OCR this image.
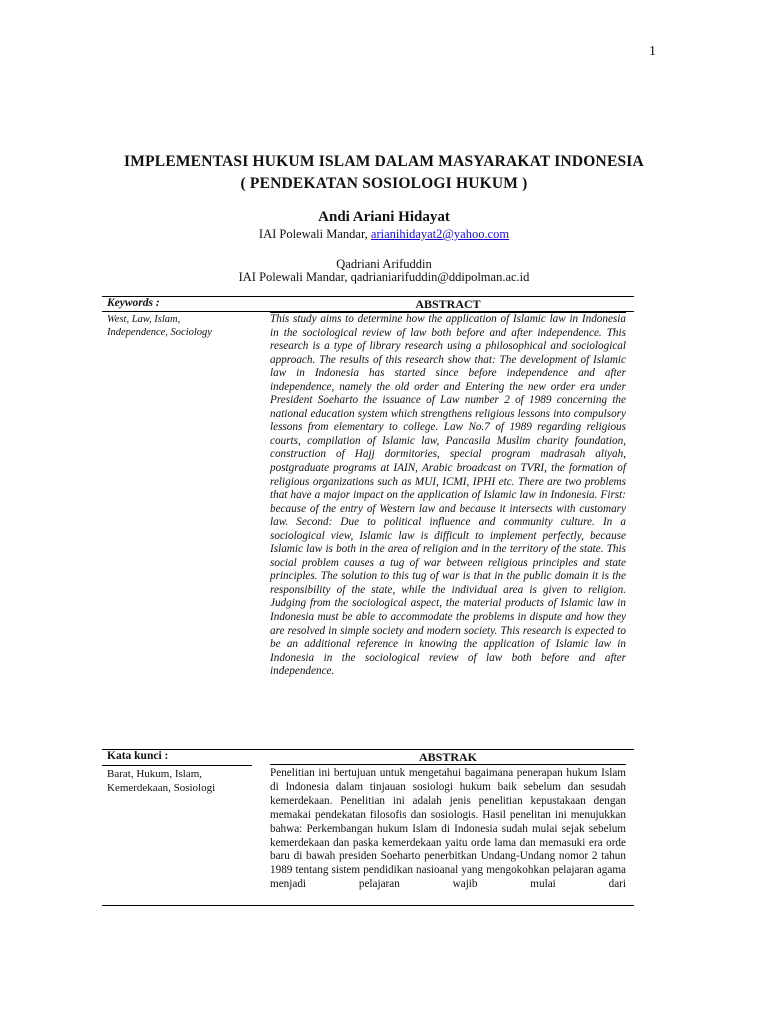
1
IMPLEMENTASI HUKUM ISLAM DALAM MASYARAKAT INDONESIA
( PENDEKATAN SOSIOLOGI HUKUM )
Andi Ariani Hidayat
IAI Polewali Mandar, arianihidayat2@yahoo.com
Qadriani Arifuddin
IAI Polewali Mandar, qadrianiarifuddin@ddipolman.ac.id
Keywords :	ABSTRACT
West, Law, Islam,
Independence, Sociology
This study aims to determine how the application of Islamic law in Indonesia in the sociological review of law both before and after independence. This research is a type of library research using a philosophical and sociological approach. The results of this research show that: The development of Islamic law in Indonesia has started since before independence and after independence, namely the old order and Entering the new order era under President Soeharto the issuance of Law number 2 of 1989 concerning the national education system which strengthens religious lessons into compulsory lessons from elementary to college. Law No.7 of 1989 regarding religious courts, compilation of Islamic law, Pancasila Muslim charity foundation, construction of Hajj dormitories, special program madrasah aliyah, postgraduate programs at IAIN, Arabic broadcast on TVRI, the formation of religious organizations such as MUI, ICMI, IPHI etc. There are two problems that have a major impact on the application of Islamic law in Indonesia. First: because of the entry of Western law and because it intersects with customary law. Second: Due to political influence and community culture. In a sociological view, Islamic law is difficult to implement perfectly, because Islamic law is both in the area of religion and in the territory of the state. This social problem causes a tug of war between religious principles and state principles. The solution to this tug of war is that in the public domain it is the responsibility of the state, while the individual area is given to religion. Judging from the sociological aspect, the material products of Islamic law in Indonesia must be able to accommodate the problems in dispute and how they are resolved in simple society and modern society. This research is expected to be an additional reference in knowing the application of Islamic law in Indonesia in the sociological review of law both before and after independence.
Kata kunci :	ABSTRAK
Barat, Hukum, Islam,
Kemerdekaan, Sosiologi
Penelitian ini bertujuan untuk mengetahui bagaimana penerapan hukum Islam di Indonesia dalam tinjauan sosiologi hukum baik sebelum dan sesudah kemerdekaan. Penelitian ini adalah jenis penelitian kepustakaan dengan memakai pendekatan filosofis dan sosiologis. Hasil penelitan ini menujukkan bahwa: Perkembangan hukum Islam di Indonesia sudah mulai sejak sebelum kemerdekaan dan paska kemerdekaan yaitu orde lama dan memasuki era orde baru di bawah presiden Soeharto penerbitkan Undang-Undang nomor 2 tahun 1989 tentang sistem pendidikan nasioanal yang mengokohkan pelajaran agama menjadi pelajaran wajib mulai dari
